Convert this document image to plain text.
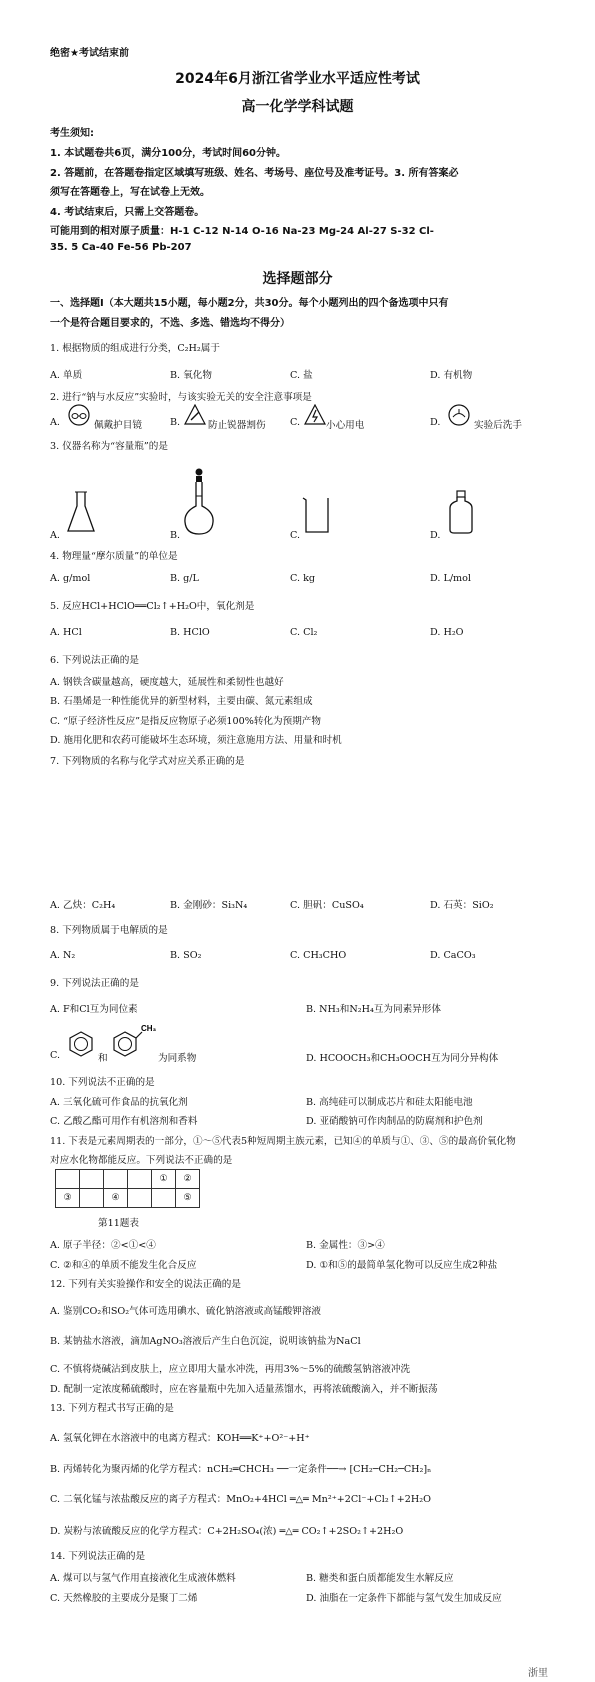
绝密★考试结束前
2024年6月浙江省学业水平适应性考试
高一化学学科试题
考生须知:
1. 本试题卷共6页，满分100分，考试时间60分钟。
2. 答题前，在答题卷指定区域填写班级、姓名、考场号、座位号及准考证号。3. 所有答案必
须写在答题卷上，写在试卷上无效。
4. 考试结束后，只需上交答题卷。
可能用到的相对原子质量：H-1 C-12 N-14 O-16 Na-23 Mg-24 Al-27 S-32 Cl-
35. 5 Ca-40 Fe-56 Pb-207
选择题部分
一、选择题Ⅰ（本大题共15小题，每小题2分，共30分。每个小题列出的四个备选项中只有
一个是符合题目要求的，不选、多选、错选均不得分）
1. 根据物质的组成进行分类，C₂H₂属于
A. 单质	B. 氧化物	C. 盐	D. 有机物
2. 进行“钠与水反应”实验时，与该实验无关的安全注意事项是
A.	佩戴护目镜	B.	防止锐器割伤	C.	小心用电	D.	实验后洗手
3. 仪器名称为“容量瓶”的是
A.	B.	C.	D.
4. 物理量“摩尔质量”的单位是
A. g/mol	B. g/L	C. kg	D. L/mol
5. 反应HCl+HClO══Cl₂↑+H₂O中，氧化剂是
A. HCl	B. HClO	C. Cl₂	D. H₂O
6. 下列说法正确的是
A. 钢铁含碳量越高，硬度越大，延展性和柔韧性也越好
B. 石墨烯是一种性能优异的新型材料，主要由碳、氮元素组成
C. “原子经济性反应”是指反应物原子必须100%转化为预期产物
D. 施用化肥和农药可能破坏生态环境，须注意施用方法、用量和时机
7. 下列物质的名称与化学式对应关系正确的是
A. 乙炔：C₂H₄	B. 金刚砂：Si₃N₄	C. 胆矾：CuSO₄	D. 石英：SiO₂
8. 下列物质属于电解质的是
A. N₂	B. SO₂	C. CH₃CHO	D. CaCO₃
9. 下列说法正确的是
A. F和Cl互为同位素	B. NH₃和N₂H₄互为同素异形体
C.	和
CH₃
为同系物	D. HCOOCH₃和CH₃OOCH互为同分异构体
10. 下列说法不正确的是
A. 三氧化硫可作食品的抗氧化剂	B. 高纯硅可以制成芯片和硅太阳能电池
C. 乙酸乙酯可用作有机溶剂和香料	D. 亚硝酸钠可作肉制品的防腐剂和护色剂
11. 下表是元素周期表的一部分，①～⑤代表5种短周期主族元素，已知④的单质与①、③、⑤的最高价氧化物
对应水化物都能反应。下列说法不正确的是
				①	②
③		④			⑤
第11题表
A. 原子半径：②<①<④	B. 金属性：③>④
C. ②和④的单质不能发生化合反应	D. ①和⑤的最简单氢化物可以反应生成2种盐
12. 下列有关实验操作和安全的说法正确的是
A. 鉴别CO₂和SO₂气体可选用碘水、硫化钠溶液或高锰酸钾溶液
B. 某钠盐水溶液，滴加AgNO₃溶液后产生白色沉淀，说明该钠盐为NaCl
C. 不慎将烧碱沾到皮肤上，应立即用大量水冲洗，再用3%～5%的硫酸氢钠溶液冲洗
D. 配制一定浓度稀硫酸时，应在容量瓶中先加入适量蒸馏水，再将浓硫酸滴入，并不断振荡
13. 下列方程式书写正确的是
A. 氢氧化钾在水溶液中的电离方程式：KOH══K⁺+O²⁻+H⁺
B. 丙烯转化为聚丙烯的化学方程式：nCH₂═CHCH₃ ──一定条件──→ [CH₂─CH₂─CH₂]ₙ
C. 二氧化锰与浓盐酸反应的离子方程式：MnO₂+4HCl ═△═ Mn²⁺+2Cl⁻+Cl₂↑+2H₂O
D. 炭粉与浓硫酸反应的化学方程式：C+2H₂SO₄(浓) ═△═ CO₂↑+2SO₂↑+2H₂O
14. 下列说法正确的是
A. 煤可以与氢气作用直接液化生成液体燃料	B. 糖类和蛋白质都能发生水解反应
C. 天然橡胶的主要成分是聚丁二烯	D. 油脂在一定条件下都能与氢气发生加成反应
浙里
